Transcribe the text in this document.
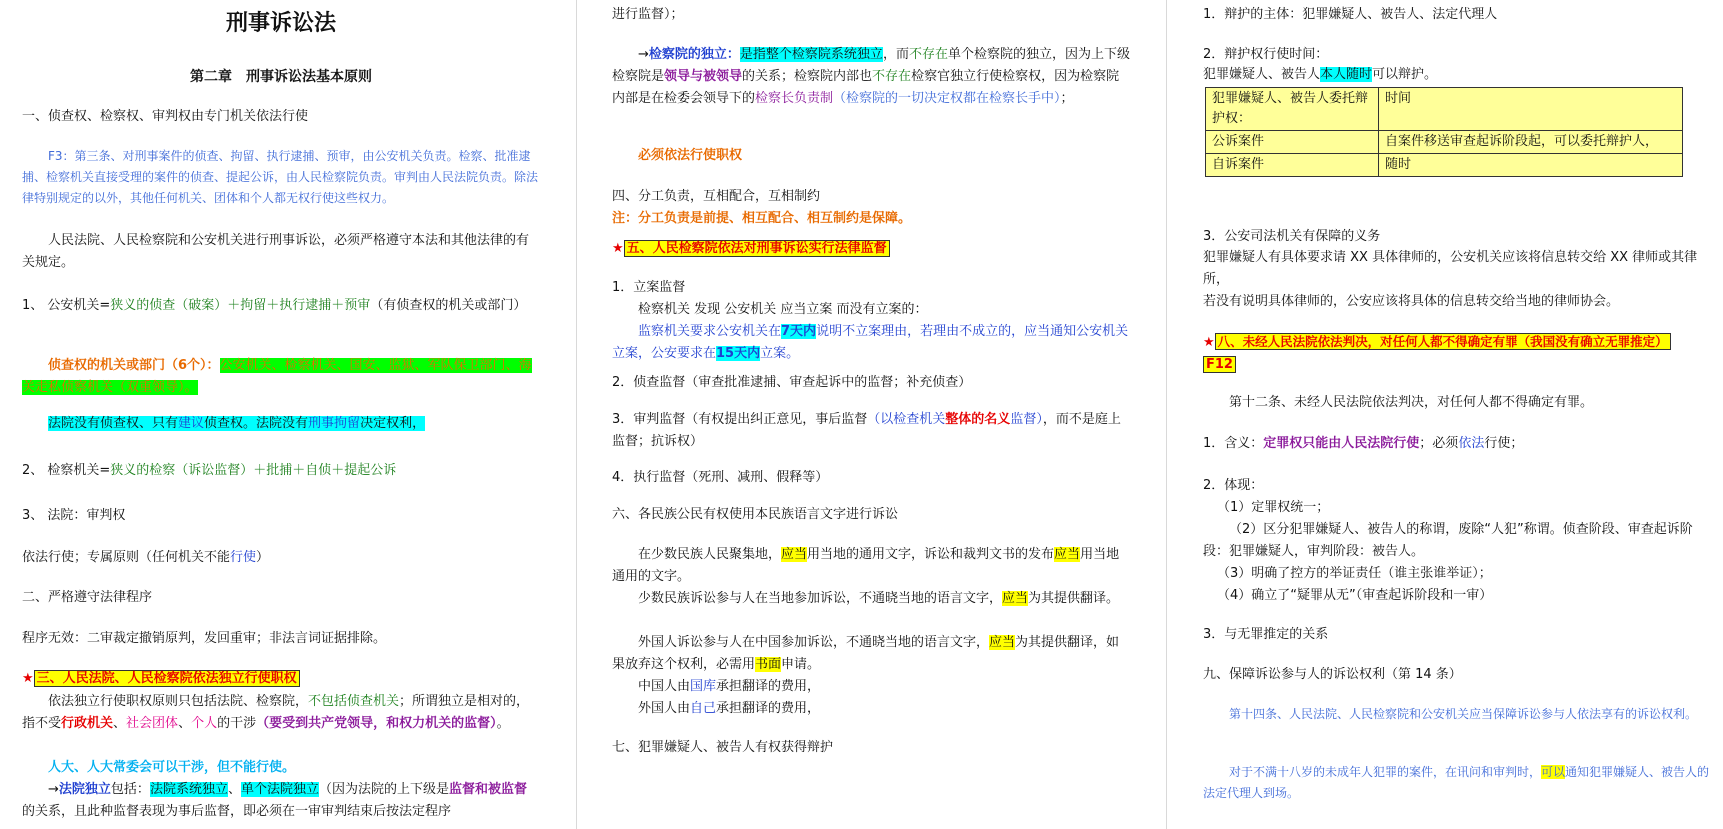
刑事诉讼法
第二章　刑事诉讼法基本原则
一、侦查权、检察权、审判权由专门机关依法行使
F3：第三条、对刑事案件的侦查、拘留、执行逮捕、预审，由公安机关负责。检察、批准逮捕、检察机关直接受理的案件的侦查、提起公诉，由人民检察院负责。审判由人民法院负责。除法律特别规定的以外，其他任何机关、团体和个人都无权行使这些权力。
人民法院、人民检察院和公安机关进行刑事诉讼，必须严格遵守本法和其他法律的有关规定。
1、 公安机关=狭义的侦查（破案）＋拘留＋执行逮捕＋预审（有侦查权的机关或部门）
侦查权的机关或部门（6个）：公安机关、检察机关、国安、监狱、军队保卫部门、海关走私侦察机关（双重领导）。
法院没有侦查权、只有建议侦查权。法院没有刑事拘留决定权利，
2、 检察机关=狭义的检察（诉讼监督）＋批捕＋自侦＋提起公诉
3、 法院：审判权
依法行使；专属原则（任何机关不能行使）
二、严格遵守法律程序
程序无效：二审裁定撤销原判，发回重审；非法言词证据排除。
★ 三、人民法院、人民检察院依法独立行使职权
依法独立行使职权原则只包括法院、检察院，不包括侦查机关；所谓独立是相对的，指不受行政机关、社会团体、个人的干涉（要受到共产党领导，和权力机关的监督）。
人大、人大常委会可以干涉，但不能行使。
→法院独立包括：法院系统独立、单个法院独立（因为法院的上下级是监督和被监督的关系，且此种监督表现为事后监督，即必须在一审审判结束后按法定程序
进行监督）；
→检察院的独立：是指整个检察院系统独立，而不存在单个检察院的独立，因为上下级检察院是领导与被领导的关系；检察院内部也不存在检察官独立行使检察权，因为检察院内部是在检委会领导下的检察长负责制（检察院的一切决定权都在检察长手中）；
必须依法行使职权
四、分工负责，互相配合，互相制约
注：分工负责是前提、相互配合、相互制约是保障。
★ 五、人民检察院依法对刑事诉讼实行法律监督
1．立案监督
检察机关 发现 公安机关 应当立案 而没有立案的：
监察机关要求公安机关在7天内说明不立案理由，若理由不成立的，应当通知公安机关立案，公安要求在15天内立案。
2．侦查监督（审查批准逮捕、审查起诉中的监督；补充侦查）
3．审判监督（有权提出纠正意见，事后监督（以检查机关整体的名义监督），而不是庭上监督；抗诉权）
4．执行监督（死刑、减刑、假释等）
六、各民族公民有权使用本民族语言文字进行诉讼
在少数民族人民聚集地，应当用当地的通用文字，诉讼和裁判文书的发布应当用当地通用的文字。
少数民族诉讼参与人在当地参加诉讼，不通晓当地的语言文字，应当为其提供翻译。
外国人诉讼参与人在中国参加诉讼，不通晓当地的语言文字，应当为其提供翻译，如果放弃这个权利，必需用书面申请。
中国人由国库承担翻译的费用，
外国人由自己承担翻译的费用，
七、犯罪嫌疑人、被告人有权获得辩护
1．辩护的主体：犯罪嫌疑人、被告人、法定代理人
2．辩护权行使时间：
犯罪嫌疑人、被告人本人随时可以辩护。
犯罪嫌疑人、被告人委托辩护权：	时间
公诉案件	自案件移送审查起诉阶段起，可以委托辩护人，
自诉案件	随时
3．公安司法机关有保障的义务
犯罪嫌疑人有具体要求请 XX 具体律师的，公安机关应该将信息转交给 XX 律师或其律所，
若没有说明具体律师的，公安应该将具体的信息转交给当地的律师协会。
★ 八、未经人民法院依法判决，对任何人都不得确定有罪（我国没有确立无罪推定）
F12
第十二条、未经人民法院依法判决，对任何人都不得确定有罪。
1．含义：定罪权只能由人民法院行使；必须依法行使；
2．体现：
（1）定罪权统一；
（2）区分犯罪嫌疑人、被告人的称谓，废除“人犯”称谓。侦查阶段、审查起诉阶段：犯罪嫌疑人，审判阶段：被告人。
（3）明确了控方的举证责任（谁主张谁举证）；
（4）确立了“疑罪从无”（审查起诉阶段和一审）
3．与无罪推定的关系
九、保障诉讼参与人的诉讼权利（第 14 条）
第十四条、人民法院、人民检察院和公安机关应当保障诉讼参与人依法享有的诉讼权利。
对于不满十八岁的未成年人犯罪的案件，在讯问和审判时，可以通知犯罪嫌疑人、被告人的法定代理人到场。
